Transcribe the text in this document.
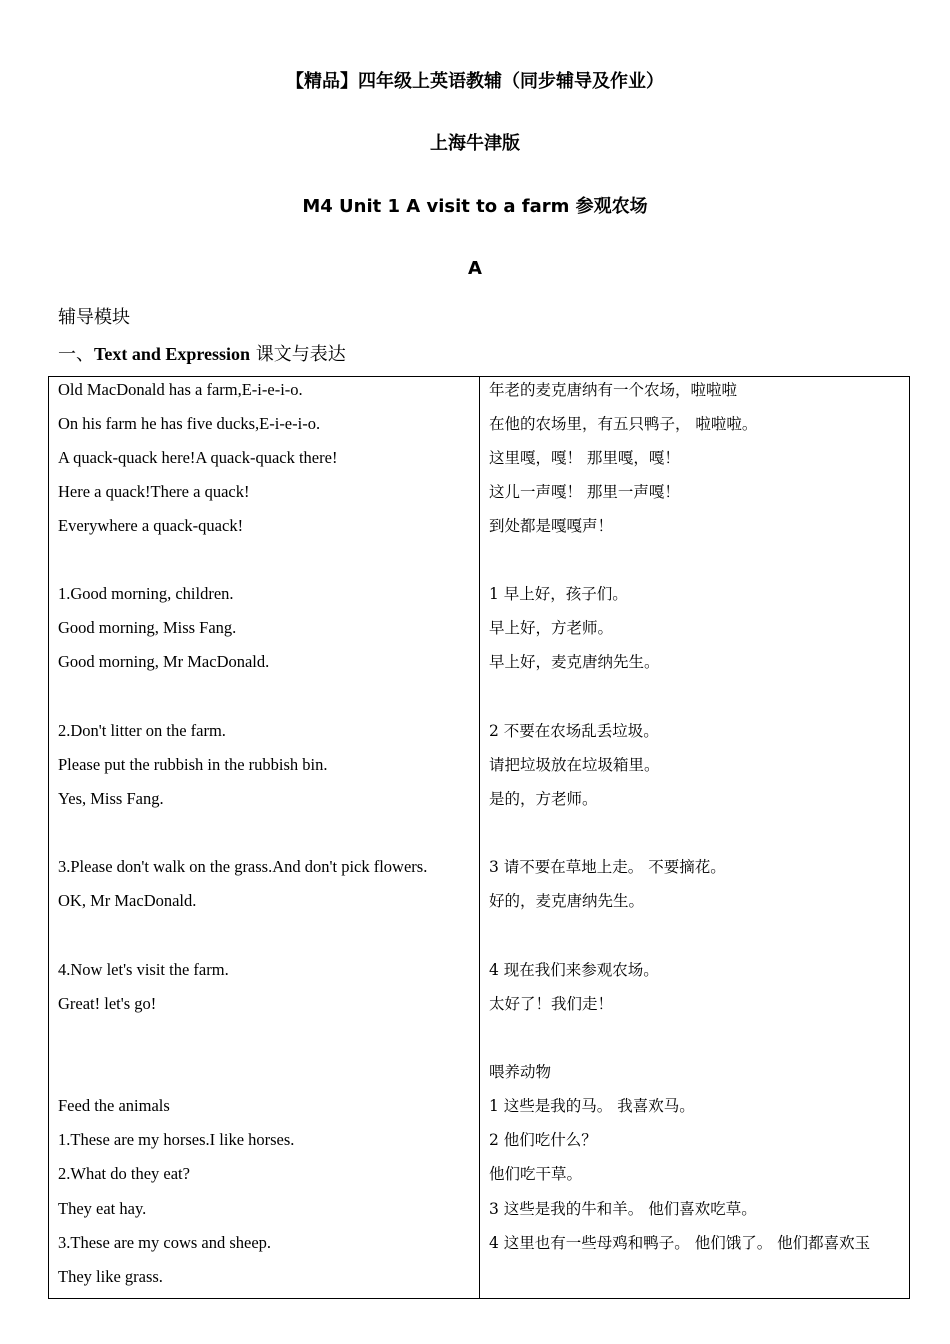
【精品】四年级上英语教辅（同步辅导及作业）
上海牛津版
M4 Unit 1 A visit to a farm 参观农场
A
辅导模块
一、Text and Expression 课文与表达
Old MacDonald has a farm,E-i-e-i-o.
On his farm he has five ducks,E-i-e-i-o.
A quack-quack here!A quack-quack there!
Here a quack!There a quack!
Everywhere a quack-quack!
1.Good morning, children.
Good morning, Miss Fang.
Good morning, Mr MacDonald.
2.Don't litter on the farm.
Please put the rubbish in the rubbish bin.
Yes, Miss Fang.
3.Please don't walk on the grass.And don't pick flowers.
OK, Mr MacDonald.
4.Now let's visit the farm.
Great! let's go!
Feed the animals
1.These are my horses.I like horses.
2.What do they eat?
They eat hay.
3.These are my cows and sheep.
They like grass.
年老的麦克唐纳有一个农场，啦啦啦
在他的农场里，有五只鸭子， 啦啦啦。
这里嘎，嘎！ 那里嘎，嘎！
这儿一声嘎！ 那里一声嘎！
到处都是嘎嘎声！
1 早上好，孩子们。
早上好，方老师。
早上好，麦克唐纳先生。
2 不要在农场乱丢垃圾。
请把垃圾放在垃圾箱里。
是的，方老师。
3 请不要在草地上走。 不要摘花。
好的，麦克唐纳先生。
4 现在我们来参观农场。
太好了！我们走！
喂养动物
1 这些是我的马。 我喜欢马。
2 他们吃什么？
他们吃干草。
3 这些是我的牛和羊。 他们喜欢吃草。
4 这里也有一些母鸡和鸭子。 他们饿了。 他们都喜欢玉
